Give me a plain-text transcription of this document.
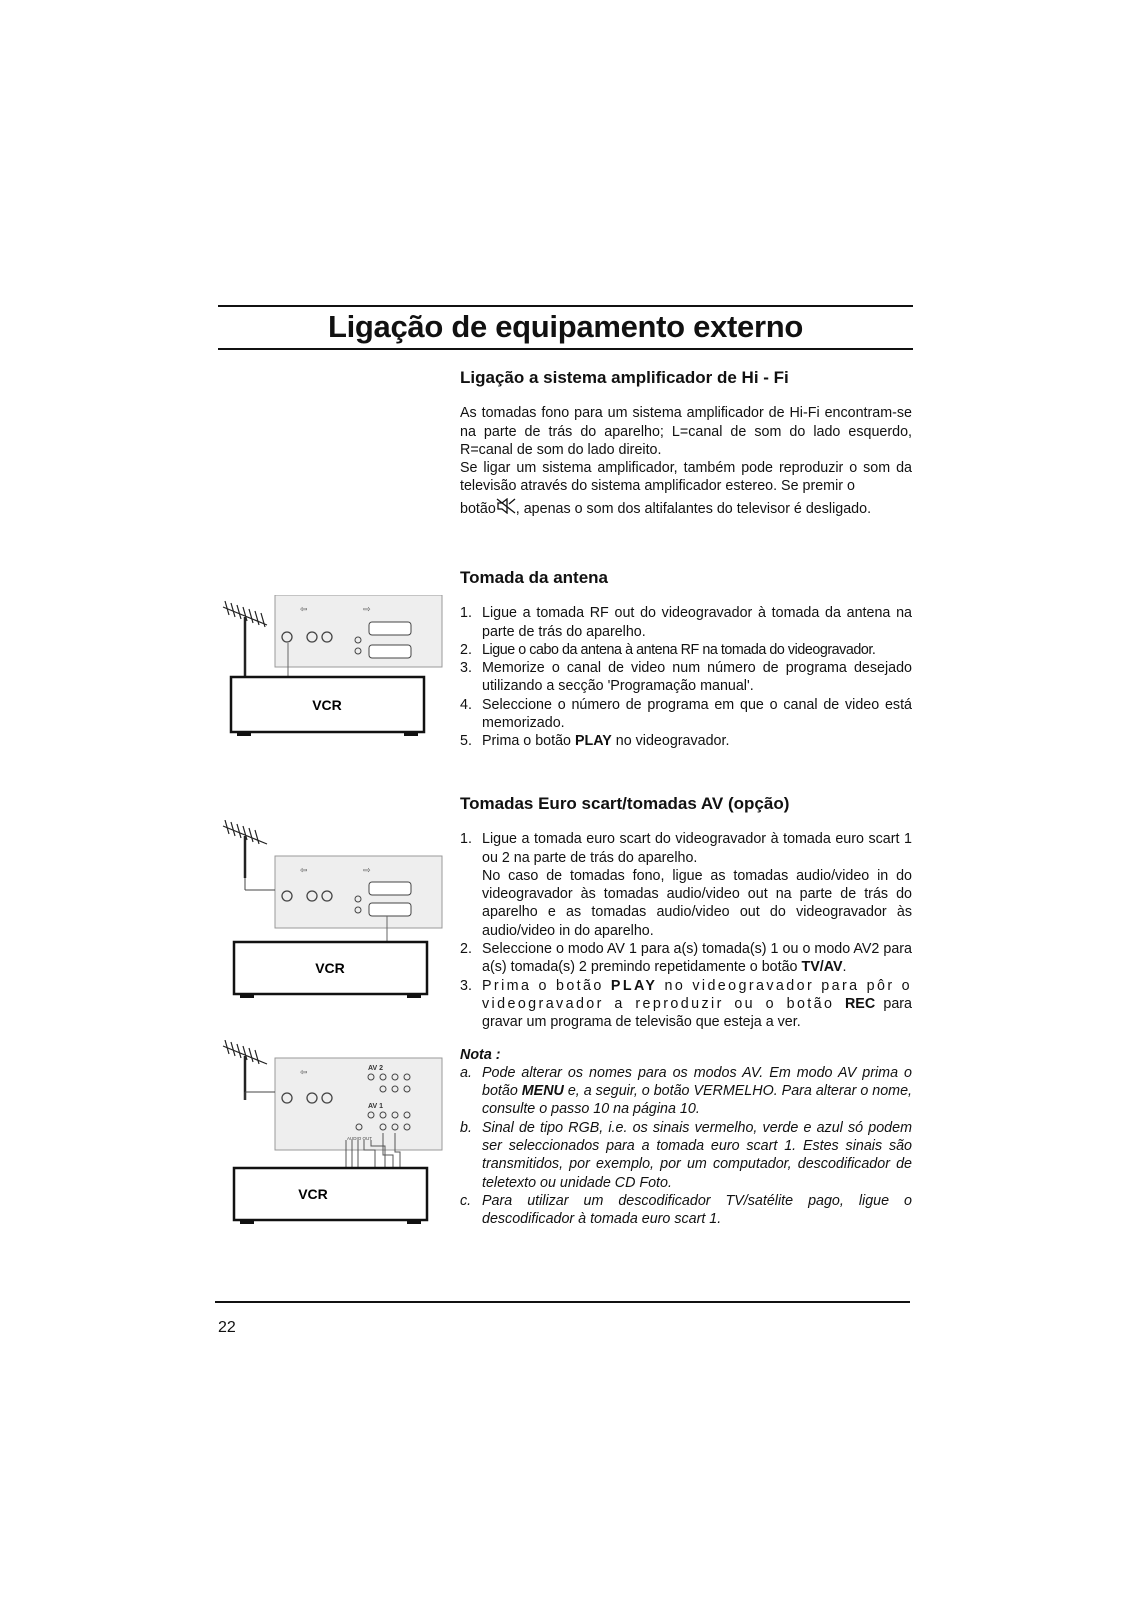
Ligação de equipamento externo
Ligação a sistema amplificador de Hi - Fi

As tomadas fono para um sistema amplificador de Hi-Fi encontram-se na parte de trás do aparelho; L=canal de som do lado esquerdo, R=canal de som do lado direito.

Se ligar um sistema amplificador, também pode reproduzir o som da televisão através do sistema amplificador estereo. Se premir o

botão , apenas o som dos altifalantes do televisor é desligado.

Tomada da antena
1. Ligue a tomada RF out do videogravador à tomada da antena na parte de trás do aparelho.
2. Ligue o cabo da antena à antena RF na tomada do videogravador.
3. Memorize o canal de video num número de programa desejado utilizando a secção 'Programação manual'.
4. Seleccione o número de programa em que o canal de video está memorizado.
5. Prima o botão PLAY no videogravador.
Tomadas Euro scart/tomadas AV (opção)
1. Ligue a tomada euro scart do videogravador à tomada euro scart 1 ou 2 na parte de trás do aparelho.
No caso de tomadas fono, ligue as tomadas audio/video in do videogravador às tomadas audio/video out na parte de trás do aparelho e as tomadas audio/video out do videogravador às audio/video in do aparelho.
2. Seleccione o modo AV 1 para a(s) tomada(s) 1 ou o modo AV2 para a(s) tomada(s) 2 premindo repetidamente o botão TV/AV.
3. Prima o botão PLAY no videogravador para pôr o videogravador a reproduzir ou o botão REC para gravar um programa de televisão que esteja a ver.

Nota :

a. Pode alterar os nomes para os modos AV. Em modo AV prima o botão MENU e, a seguir, o botão VERMELHO. Para alterar o nome, consulte o passo 10 na página 10.
b. Sinal de tipo RGB, i.e. os sinais vermelho, verde e azul só podem ser seleccionados para a tomada euro scart 1. Estes sinais são transmitidos, por exemplo, por um computador, descodificador de teletexto ou unidade CD Foto.
c. Para utilizar um descodificador TV/satélite pago, ligue o descodificador à tomada euro scart 1.
⇦	⇨
VCR
⇦	⇨
VCR
⇦	AV 2
AV 1
AUDIO OUT
VCR
22
